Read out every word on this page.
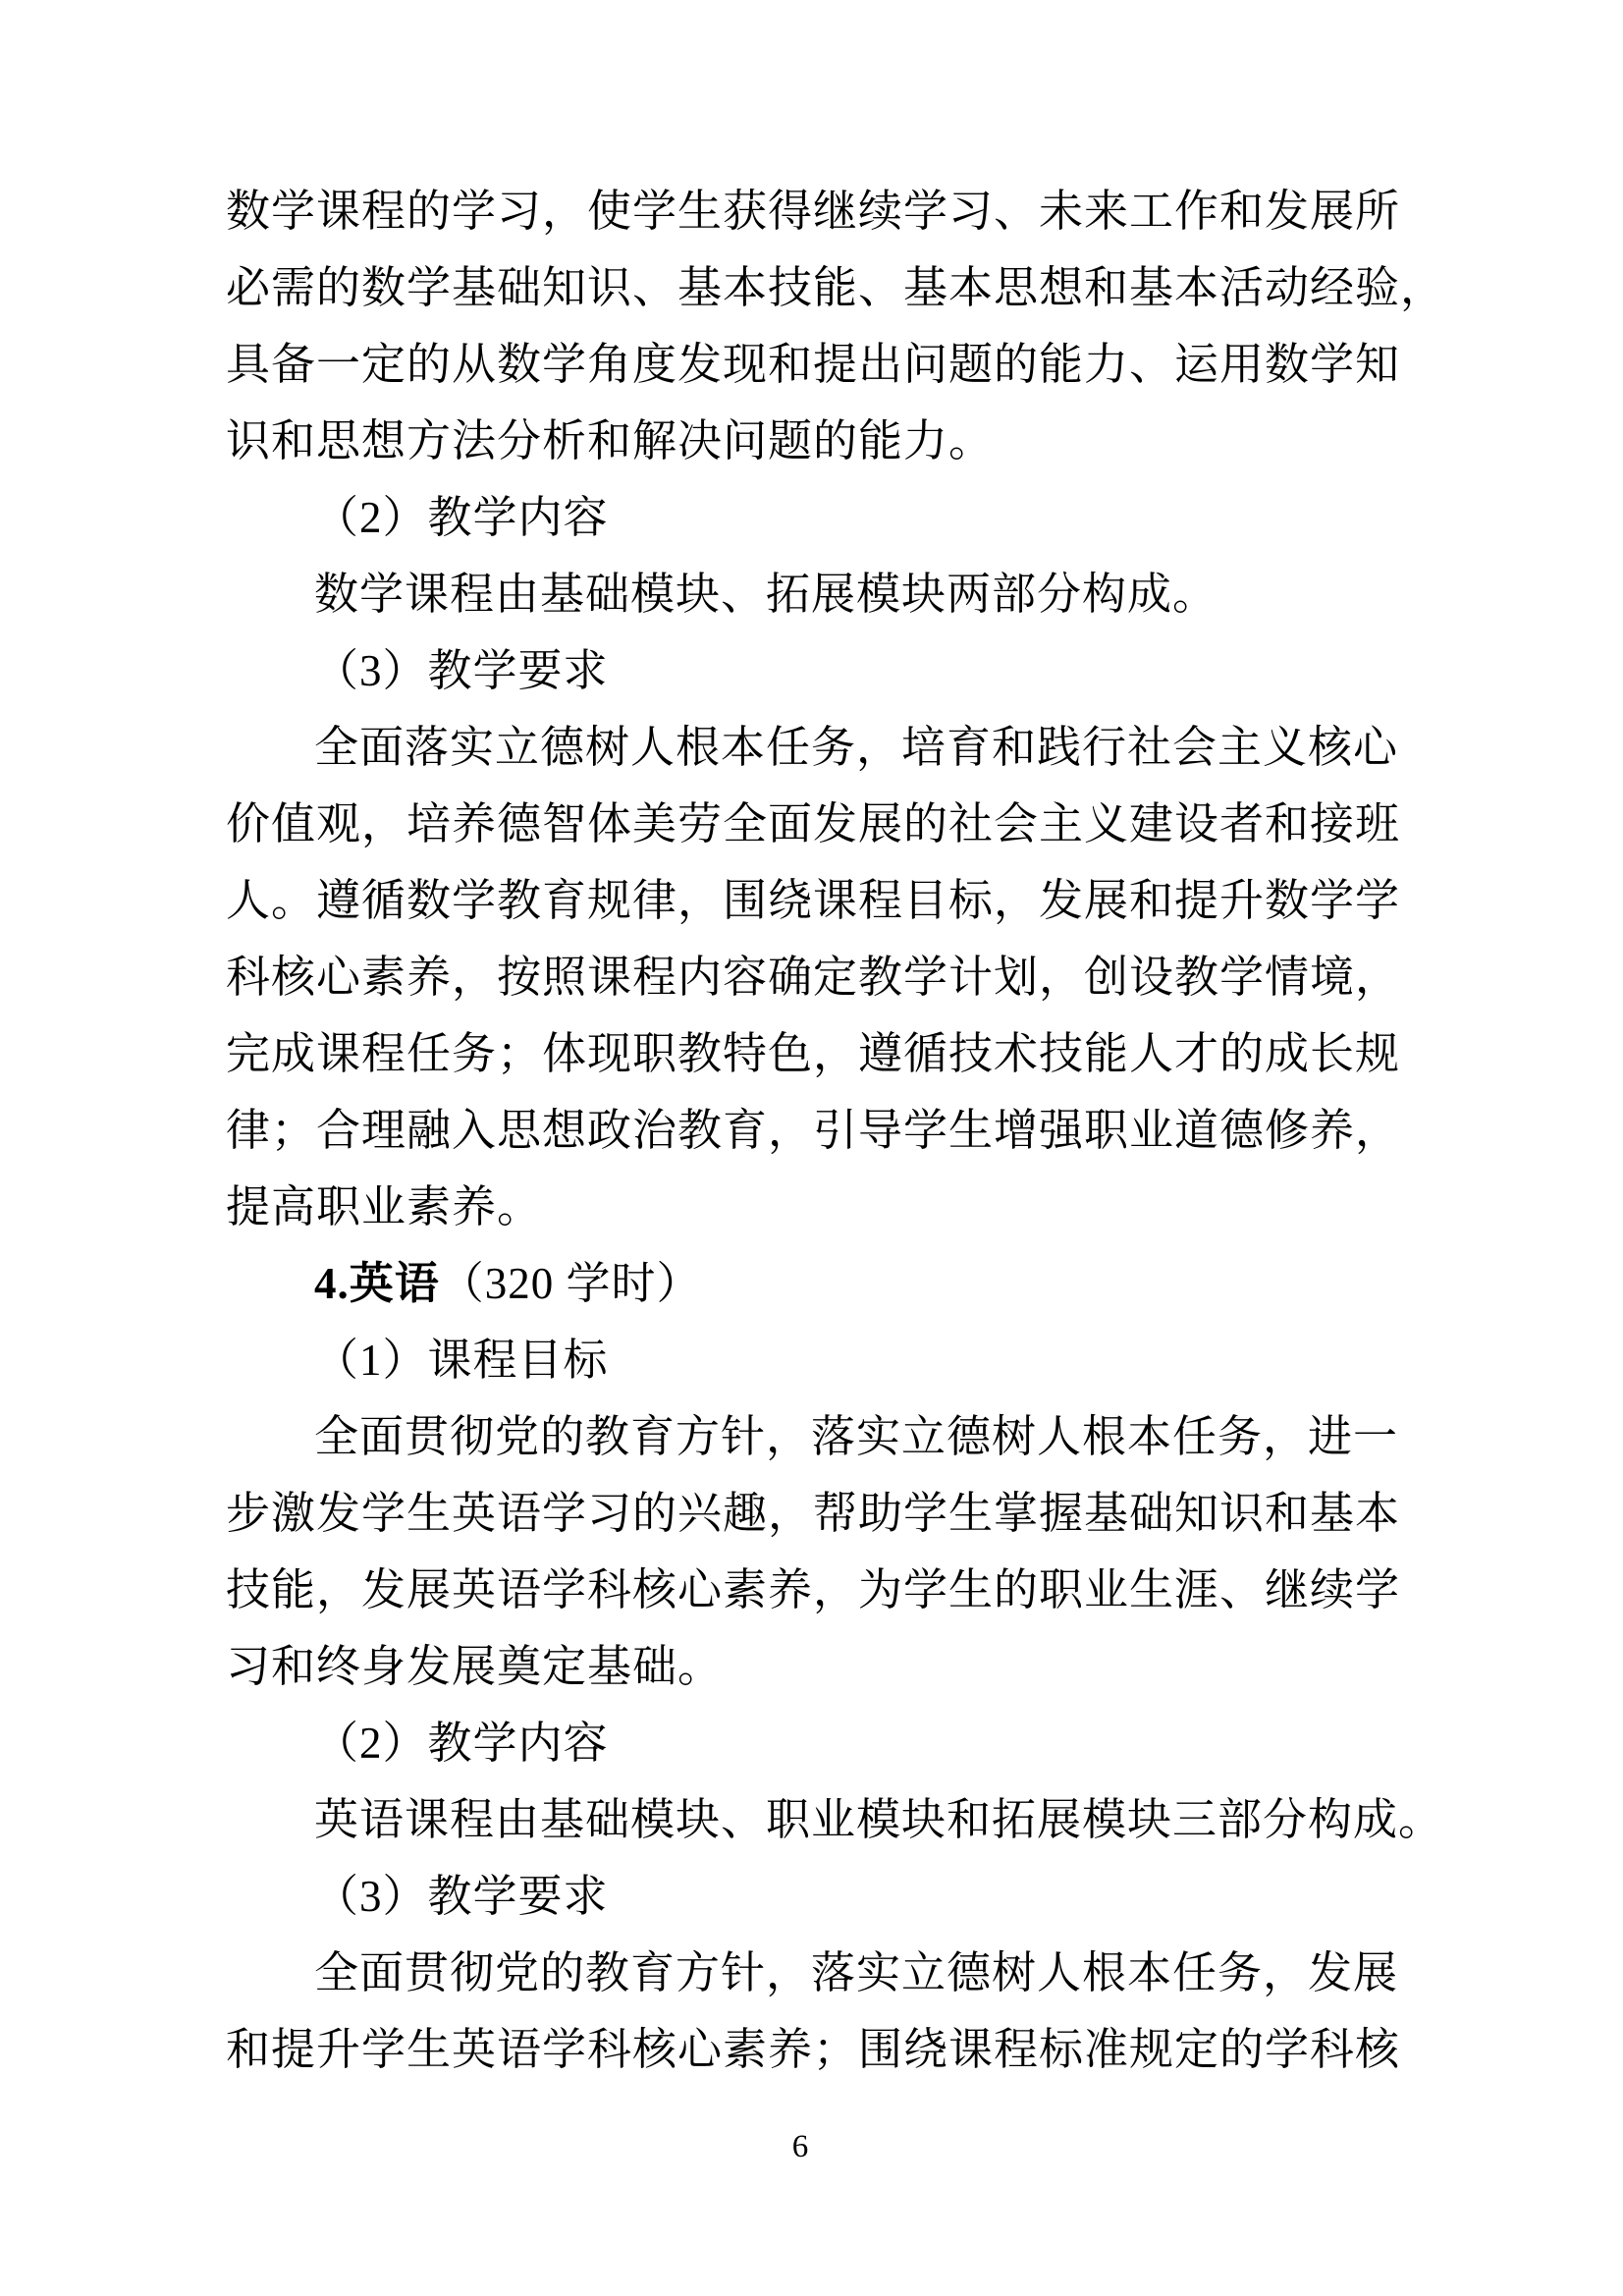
数学课程的学习，使学生获得继续学习、未来工作和发展所
必需的数学基础知识、基本技能、基本思想和基本活动经验，
具备一定的从数学角度发现和提出问题的能力、运用数学知
识和思想方法分析和解决问题的能力。
（2）教学内容
数学课程由基础模块、拓展模块两部分构成。
（3）教学要求
全面落实立德树人根本任务，培育和践行社会主义核心
价值观，培养德智体美劳全面发展的社会主义建设者和接班
人。遵循数学教育规律，围绕课程目标，发展和提升数学学
科核心素养，按照课程内容确定教学计划，创设教学情境，
完成课程任务；体现职教特色，遵循技术技能人才的成长规
律；合理融入思想政治教育，引导学生增强职业道德修养，
提高职业素养。
4.英语（320 学时）
（1）课程目标
全面贯彻党的教育方针，落实立德树人根本任务，进一
步激发学生英语学习的兴趣，帮助学生掌握基础知识和基本
技能，发展英语学科核心素养，为学生的职业生涯、继续学
习和终身发展奠定基础。
（2）教学内容
英语课程由基础模块、职业模块和拓展模块三部分构成。
（3）教学要求
全面贯彻党的教育方针，落实立德树人根本任务，发展
和提升学生英语学科核心素养；围绕课程标准规定的学科核
6
